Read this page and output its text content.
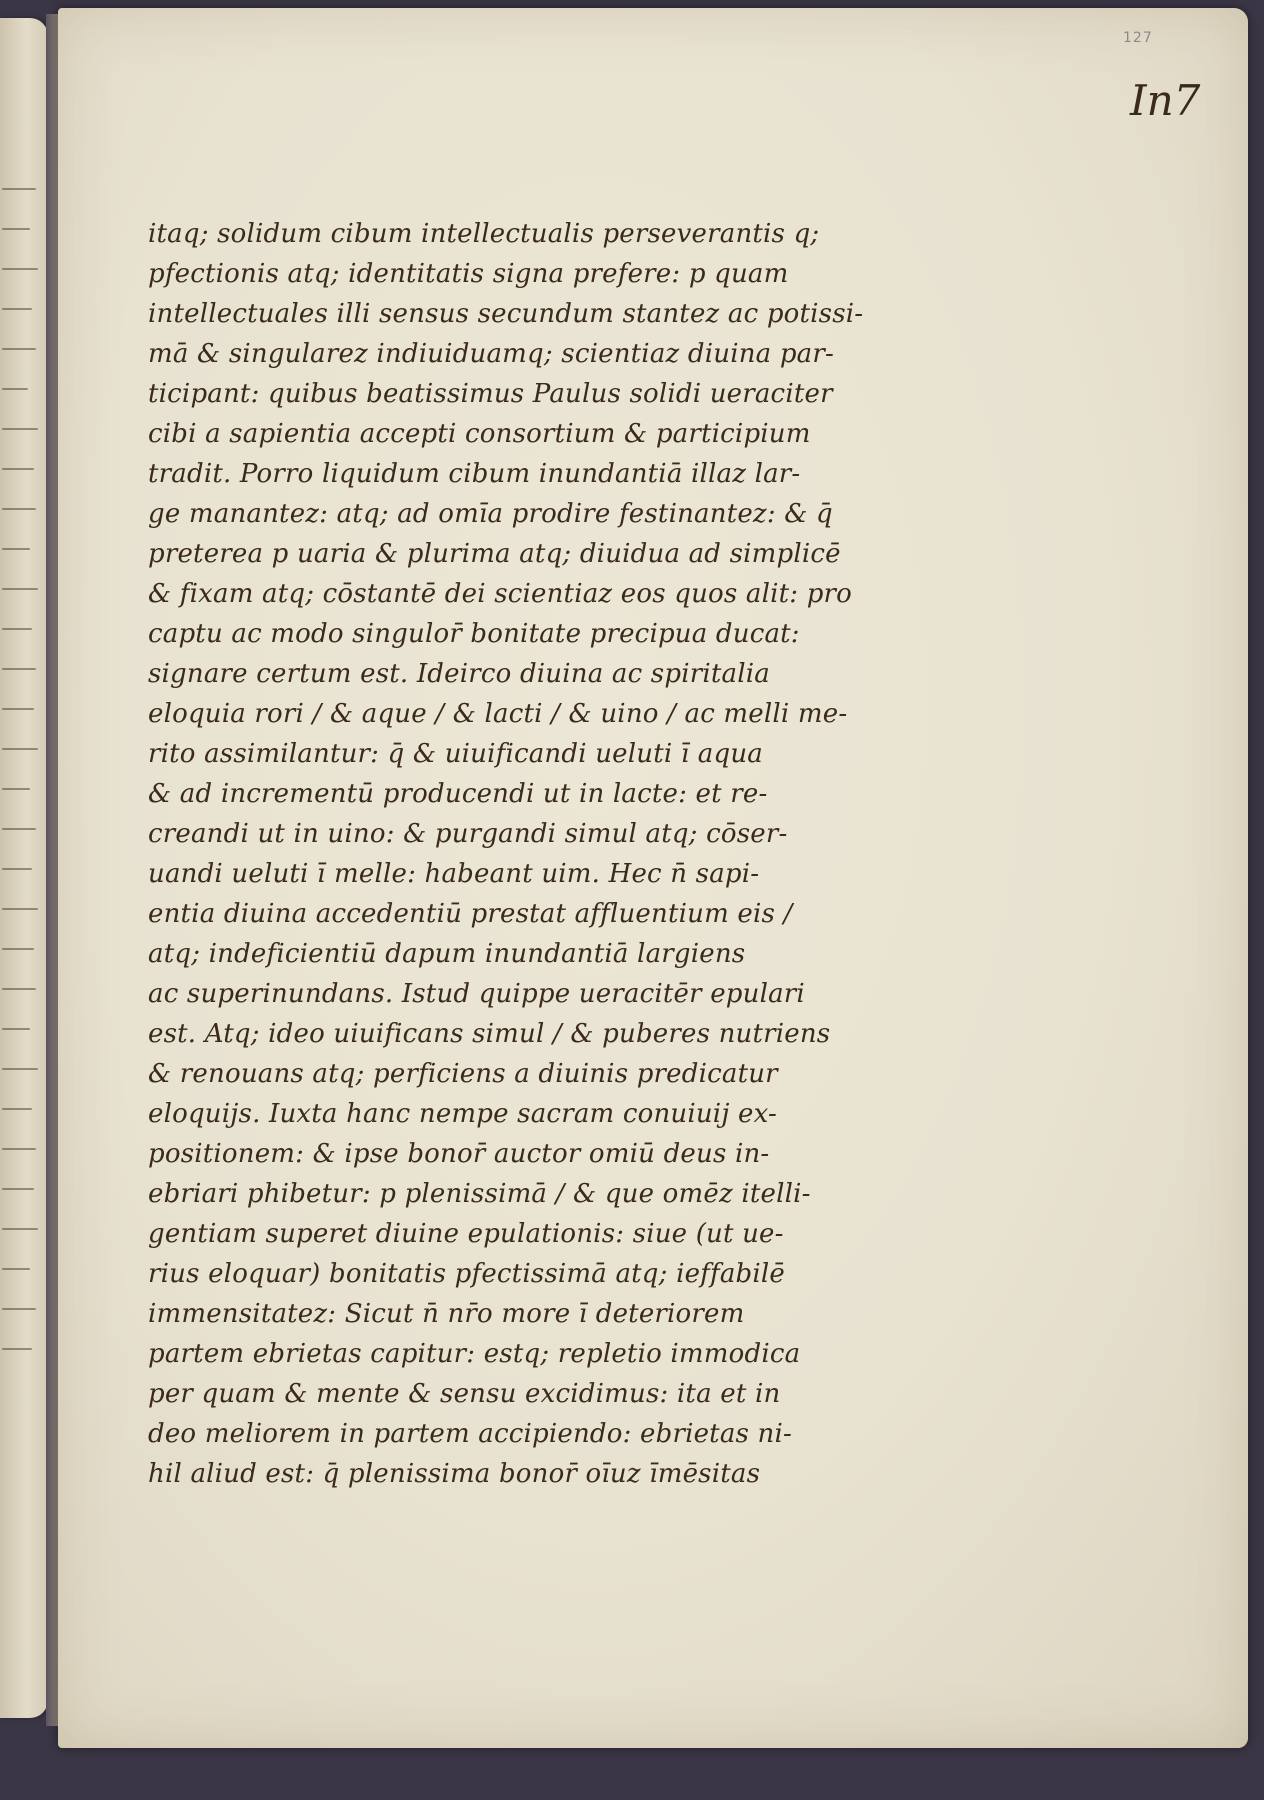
127
In7
itaq; solidum cibum intellectualis perseverantis q;
pfectionis atq; identitatis signa prefere: p quam
intellectuales illi sensus secundum stantez ac potissi-
mā & singularez indiuiduamq; scientiaz diuina par-
ticipant: quibus beatissimus Paulus solidi ueraciter
cibi a sapientia accepti consortium & participium
tradit. Porro liquidum cibum inundantiā illaz lar-
ge manantez: atq; ad omīa prodire festinantez: & q̄
preterea p uaria & plurima atq; diuidua ad simplicē
& fixam atq; cōstantē dei scientiaz eos quos alit: pro
captu ac modo singulor̄ bonitate precipua ducat:
signare certum est. Ideirco diuina ac spiritalia
eloquia rori / & aque / & lacti / & uino / ac melli me-
rito assimilantur: q̄ & uiuificandi ueluti ī aqua
& ad incrementū producendi ut in lacte: et re-
creandi ut in uino: & purgandi simul atq; cōser-
uandi ueluti ī melle: habeant uim. Hec n̄ sapi-
entia diuina accedentiū prestat affluentium eis /
atq; indeficientiū dapum inundantiā largiens
ac superinundans. Istud quippe ueracitēr epulari
est. Atq; ideo uiuificans simul / & puberes nutriens
& renouans atq; perficiens a diuinis predicatur
eloquijs. Iuxta hanc nempe sacram conuiuij ex-
positionem: & ipse bonor̄ auctor omiū deus in-
ebriari phibetur: p plenissimā / & que omēz itelli-
gentiam superet diuine epulationis: siue (ut ue-
rius eloquar) bonitatis pfectissimā atq; ieffabilē
immensitatez: Sicut n̄ nr̄o more ī deteriorem
partem ebrietas capitur: estq; repletio immodica
per quam & mente & sensu excidimus: ita et in
deo meliorem in partem accipiendo: ebrietas ni-
hil aliud est: q̄ plenissima bonor̄ oīuz īmēsitas
